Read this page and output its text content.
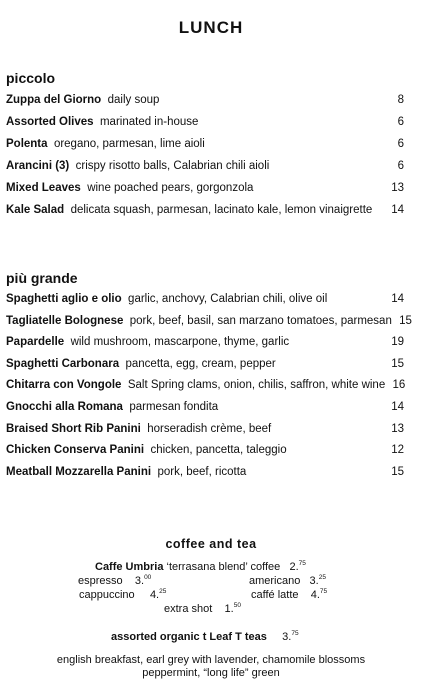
LUNCH
piccolo
Zuppa del Giorno daily soup	8
Assorted Olives marinated in-house	6
Polenta oregano, parmesan, lime aioli	6
Arancini (3) crispy risotto balls, Calabrian chili aioli	6
Mixed Leaves wine poached pears, gorgonzola	13
Kale Salad delicata squash, parmesan, lacinato kale, lemon vinaigrette	14
più grande
Spaghetti aglio e olio garlic, anchovy, Calabrian chili, olive oil	14
Tagliatelle Bolognese pork, beef, basil, san marzano tomatoes, parmesan 15
Papardelle wild mushroom, mascarpone, thyme, garlic	19
Spaghetti Carbonara pancetta, egg, cream, pepper	15
Chitarra con Vongole Salt Spring clams, onion, chilis, saffron, white wine 16
Gnocchi alla Romana parmesan fondita	14
Braised Short Rib Panini horseradish crème, beef	13
Chicken Conserva Panini chicken, pancetta, taleggio	12
Meatball Mozzarella Panini pork, beef, ricotta	15
coffee and tea
Caffe Umbria ‘terrasana blend’ coffee 2.75
espresso 3.00	americano 3.25
cappuccino 4.25	caffé latte 4.75
extra shot 1.50
assorted organic t Leaf T teas 3.75
english breakfast, earl grey with lavender, chamomile blossoms
peppermint, “long life” green
